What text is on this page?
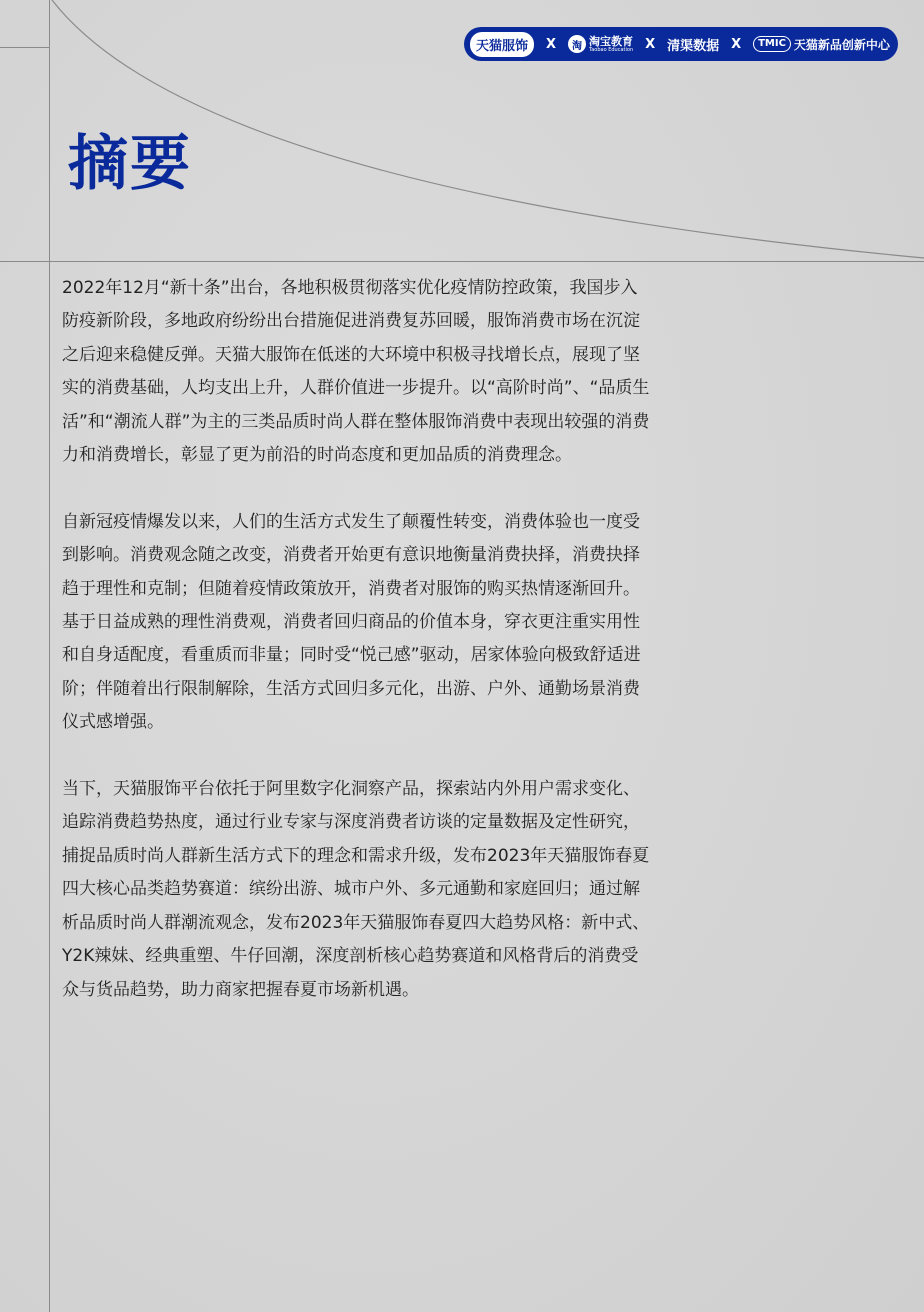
天猫服饰	X	淘 淘宝教育
Taobao Education X 清渠数据 X	TMIC 天猫新品创新中心
摘要

2022年12月“新十条”出台，各地积极贯彻落实优化疫情防控政策，我国步入防疫新阶段，多地政府纷纷出台措施促进消费复苏回暖，服饰消费市场在沉淀之后迎来稳健反弹。天猫大服饰在低迷的大环境中积极寻找增长点，展现了坚实的消费基础，人均支出上升，人群价值进一步提升。以“高阶时尚”、“品质生活”和“潮流人群”为主的三类品质时尚人群在整体服饰消费中表现出较强的消费力和消费增长，彰显了更为前沿的时尚态度和更加品质的消费理念。

自新冠疫情爆发以来，人们的生活方式发生了颠覆性转变，消费体验也一度受到影响。消费观念随之改变，消费者开始更有意识地衡量消费抉择，消费抉择趋于理性和克制；但随着疫情政策放开，消费者对服饰的购买热情逐渐回升。基于日益成熟的理性消费观，消费者回归商品的价值本身，穿衣更注重实用性和自身适配度，看重质而非量；同时受“悦己感”驱动，居家体验向极致舒适进阶；伴随着出行限制解除，生活方式回归多元化，出游、户外、通勤场景消费仪式感增强。

当下，天猫服饰平台依托于阿里数字化洞察产品，探索站内外用户需求变化、追踪消费趋势热度，通过行业专家与深度消费者访谈的定量数据及定性研究，捕捉品质时尚人群新生活方式下的理念和需求升级，发布2023年天猫服饰春夏四大核心品类趋势赛道：缤纷出游、城市户外、多元通勤和家庭回归；通过解析品质时尚人群潮流观念，发布2023年天猫服饰春夏四大趋势风格：新中式、Y2K辣妹、经典重塑、牛仔回潮，深度剖析核心趋势赛道和风格背后的消费受众与货品趋势，助力商家把握春夏市场新机遇。
